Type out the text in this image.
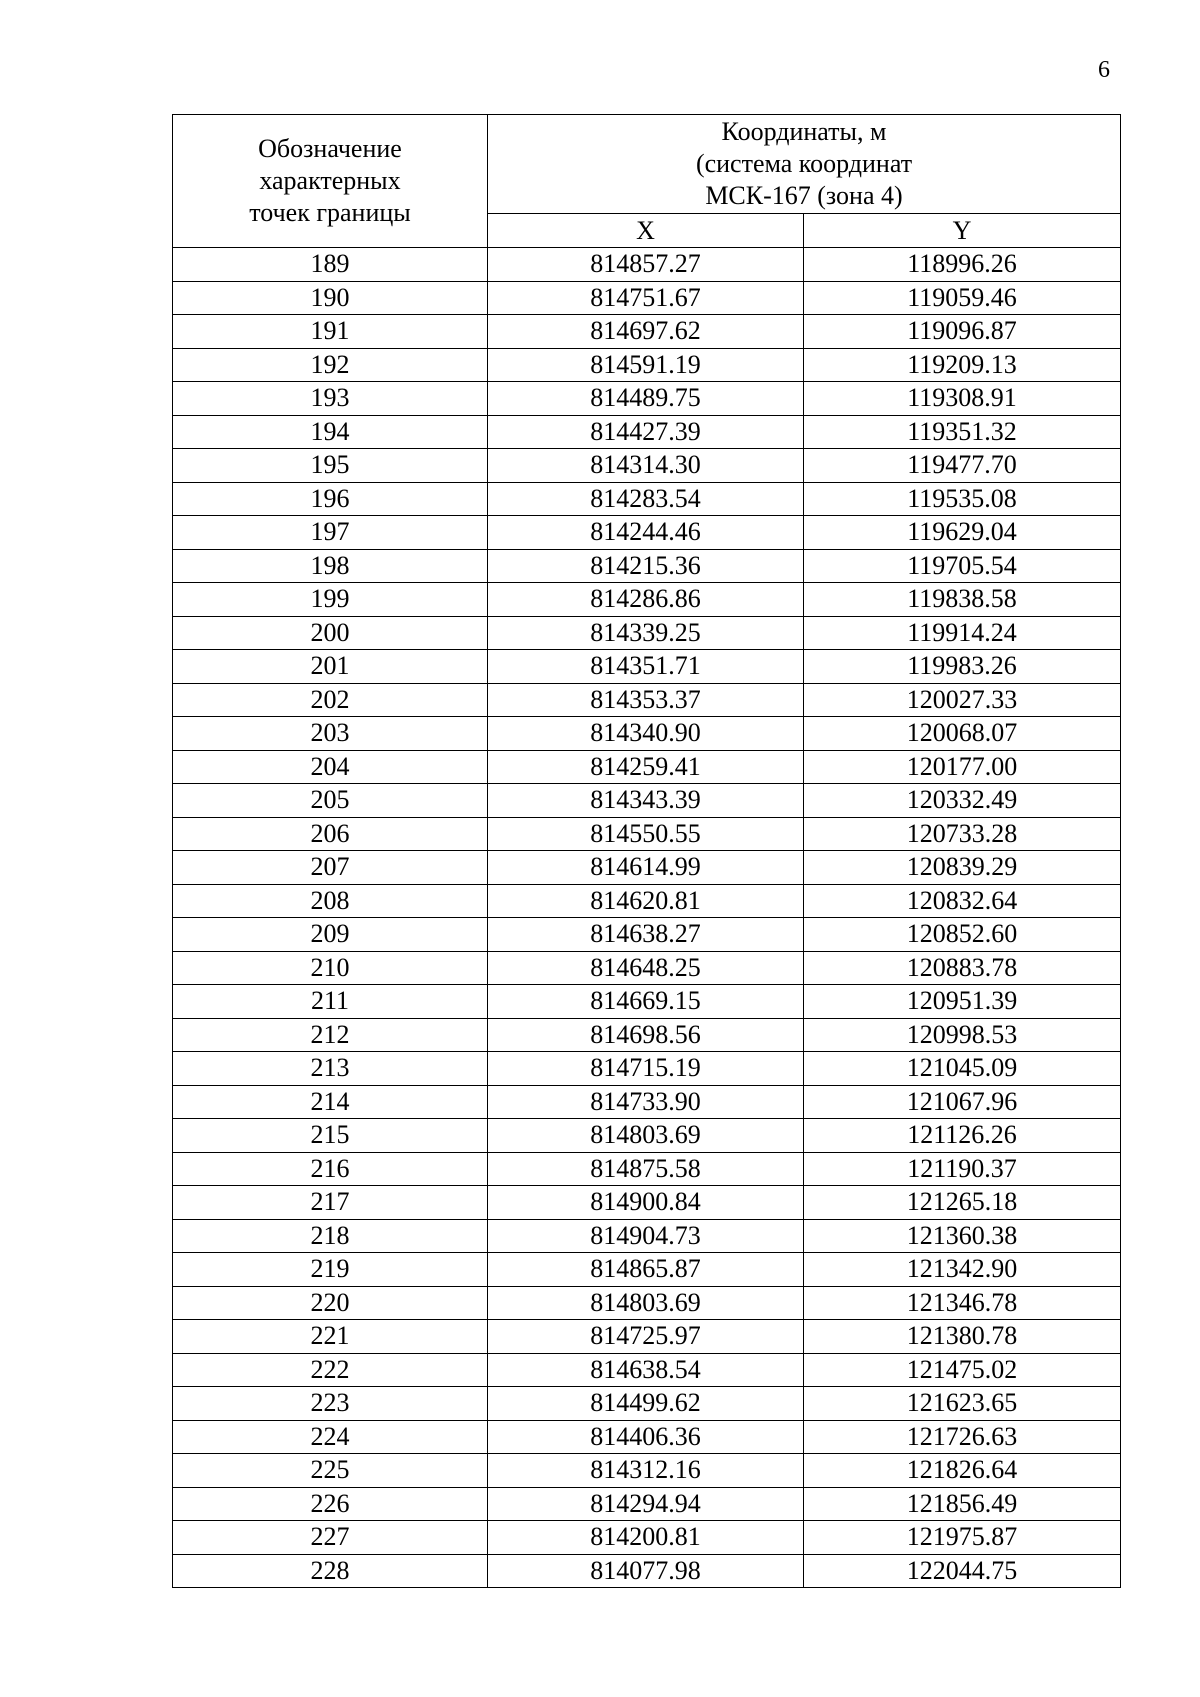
6
Обозначение
характерных
точек границы	Координаты, м
(система координат
МСК-167 (зона 4)	

	X	Y
189	814857.27	118996.26
190	814751.67	119059.46
191	814697.62	119096.87
192	814591.19	119209.13
193	814489.75	119308.91
194	814427.39	119351.32
195	814314.30	119477.70
196	814283.54	119535.08
197	814244.46	119629.04
198	814215.36	119705.54
199	814286.86	119838.58
200	814339.25	119914.24
201	814351.71	119983.26
202	814353.37	120027.33
203	814340.90	120068.07
204	814259.41	120177.00
205	814343.39	120332.49
206	814550.55	120733.28
207	814614.99	120839.29
208	814620.81	120832.64
209	814638.27	120852.60
210	814648.25	120883.78
211	814669.15	120951.39
212	814698.56	120998.53
213	814715.19	121045.09
214	814733.90	121067.96
215	814803.69	121126.26
216	814875.58	121190.37
217	814900.84	121265.18
218	814904.73	121360.38
219	814865.87	121342.90
220	814803.69	121346.78
221	814725.97	121380.78
222	814638.54	121475.02
223	814499.62	121623.65
224	814406.36	121726.63
225	814312.16	121826.64
226	814294.94	121856.49
227	814200.81	121975.87
228	814077.98	122044.75
